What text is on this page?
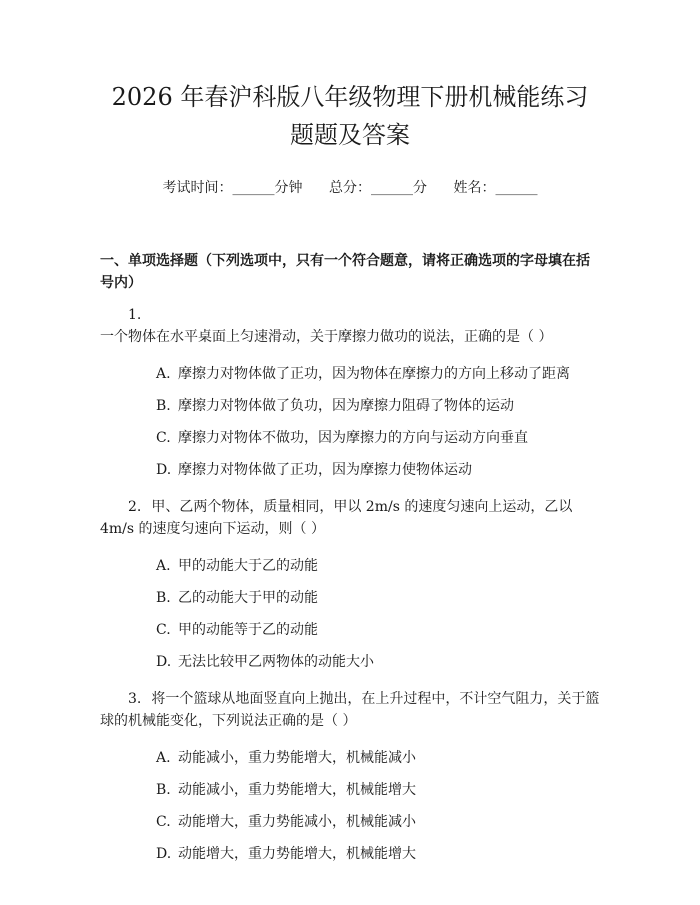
2026 年春沪科版八年级物理下册机械能练习
题题及答案
考试时间：______分钟 总分：______分 姓名：______
一、单项选择题（下列选项中，只有一个符合题意，请将正确选项的字母填在括
号内）
1.一个物体在水平桌面上匀速滑动，关于摩擦力做功的说法，正确的是（ ）
A. 摩擦力对物体做了正功，因为物体在摩擦力的方向上移动了距离
B. 摩擦力对物体做了负功，因为摩擦力阻碍了物体的运动
C. 摩擦力对物体不做功，因为摩擦力的方向与运动方向垂直
D. 摩擦力对物体做了正功，因为摩擦力使物体运动
2. 甲、乙两个物体，质量相同，甲以 2m/s 的速度匀速向上运动，乙以 4m/s 的速度匀速向下运动，则（ ）
A. 甲的动能大于乙的动能
B. 乙的动能大于甲的动能
C. 甲的动能等于乙的动能
D. 无法比较甲乙两物体的动能大小
3. 将一个篮球从地面竖直向上抛出，在上升过程中，不计空气阻力，关于篮球的机械能变化，下列说法正确的是（ ）
A. 动能减小，重力势能增大，机械能减小
B. 动能减小，重力势能增大，机械能增大
C. 动能增大，重力势能减小，机械能减小
D. 动能增大，重力势能增大，机械能增大
